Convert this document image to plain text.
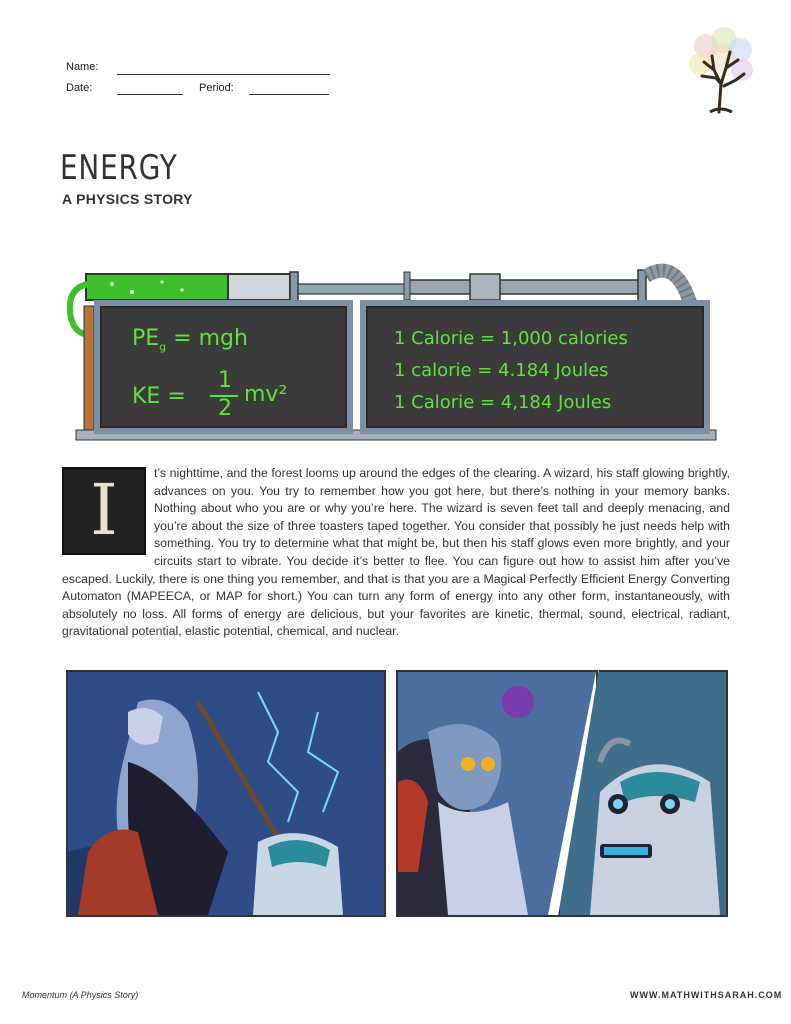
Name:
Date:	Period:
ENERGY
A PHYSICS STORY
$PE_g$ = mgh
KE =
1
2
mv²
1 Calorie = 1,000 calories
1 calorie = 4.184 Joules
1 Calorie = 4,184 Joules
I	t’s nighttime, and the forest looms up around the edges of the clearing. A wizard, his staff glowing brightly, advances on you. You try to remember how you got here, but there’s nothing in your memory banks. Nothing about who you are or why you’re here. The wizard is seven feet tall and deeply menacing, and you’re about the size of three toasters taped together. You consider that possibly he just needs help with something. You try to determine what that might be, but then his staff glows even more brightly, and your circuits start to vibrate. You decide it’s better to flee. You can figure out how to assist him after you’ve escaped. Luckily, there is one thing you remember, and that is that you are a Magical Perfectly Efficient Energy Converting Automaton (MAPEECA, or MAP for short.) You can turn any form of energy into any other form, instantaneously, with absolutely no loss. All forms of energy are delicious, but your favorites are kinetic, thermal, sound, electrical, radiant, gravitational potential, elastic potential, chemical, and nuclear.
Momentum (A Physics Story)	WWW.MATHWITHSARAH.COM
